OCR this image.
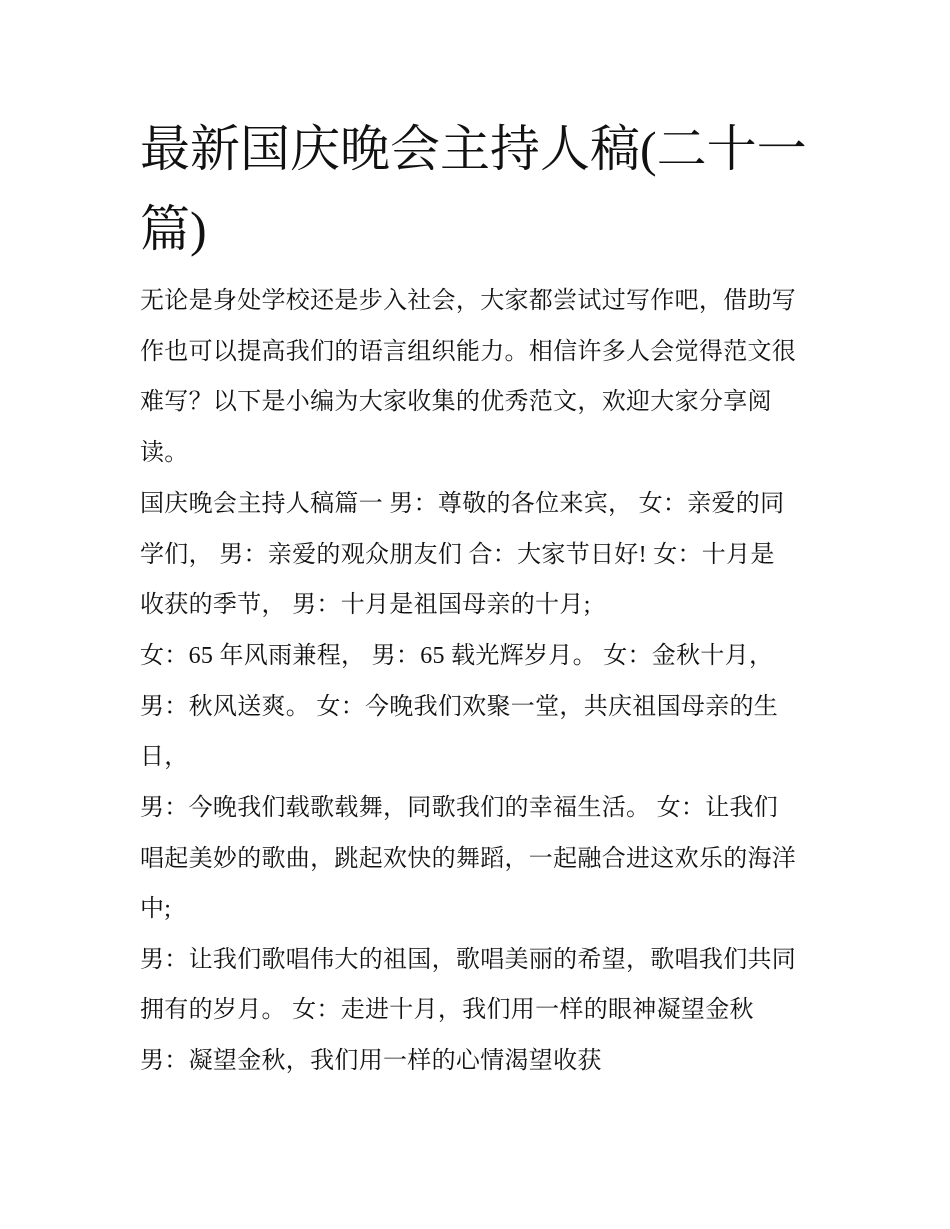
最新国庆晚会主持人稿(二十一
篇)
无论是身处学校还是步入社会，大家都尝试过写作吧，借助写
作也可以提高我们的语言组织能力。相信许多人会觉得范文很
难写？以下是小编为大家收集的优秀范文，欢迎大家分享阅
读。
国庆晚会主持人稿篇一 男：尊敬的各位来宾， 女：亲爱的同
学们， 男：亲爱的观众朋友们 合：大家节日好! 女：十月是
收获的季节， 男：十月是祖国母亲的十月;
女：65 年风雨兼程， 男：65 载光辉岁月。 女：金秋十月，
男：秋风送爽。 女：今晚我们欢聚一堂，共庆祖国母亲的生
日，
男：今晚我们载歌载舞，同歌我们的幸福生活。 女：让我们
唱起美妙的歌曲，跳起欢快的舞蹈，一起融合进这欢乐的海洋
中;
男：让我们歌唱伟大的祖国，歌唱美丽的希望，歌唱我们共同
拥有的岁月。 女：走进十月，我们用一样的眼神凝望金秋
男：凝望金秋，我们用一样的心情渴望收获
